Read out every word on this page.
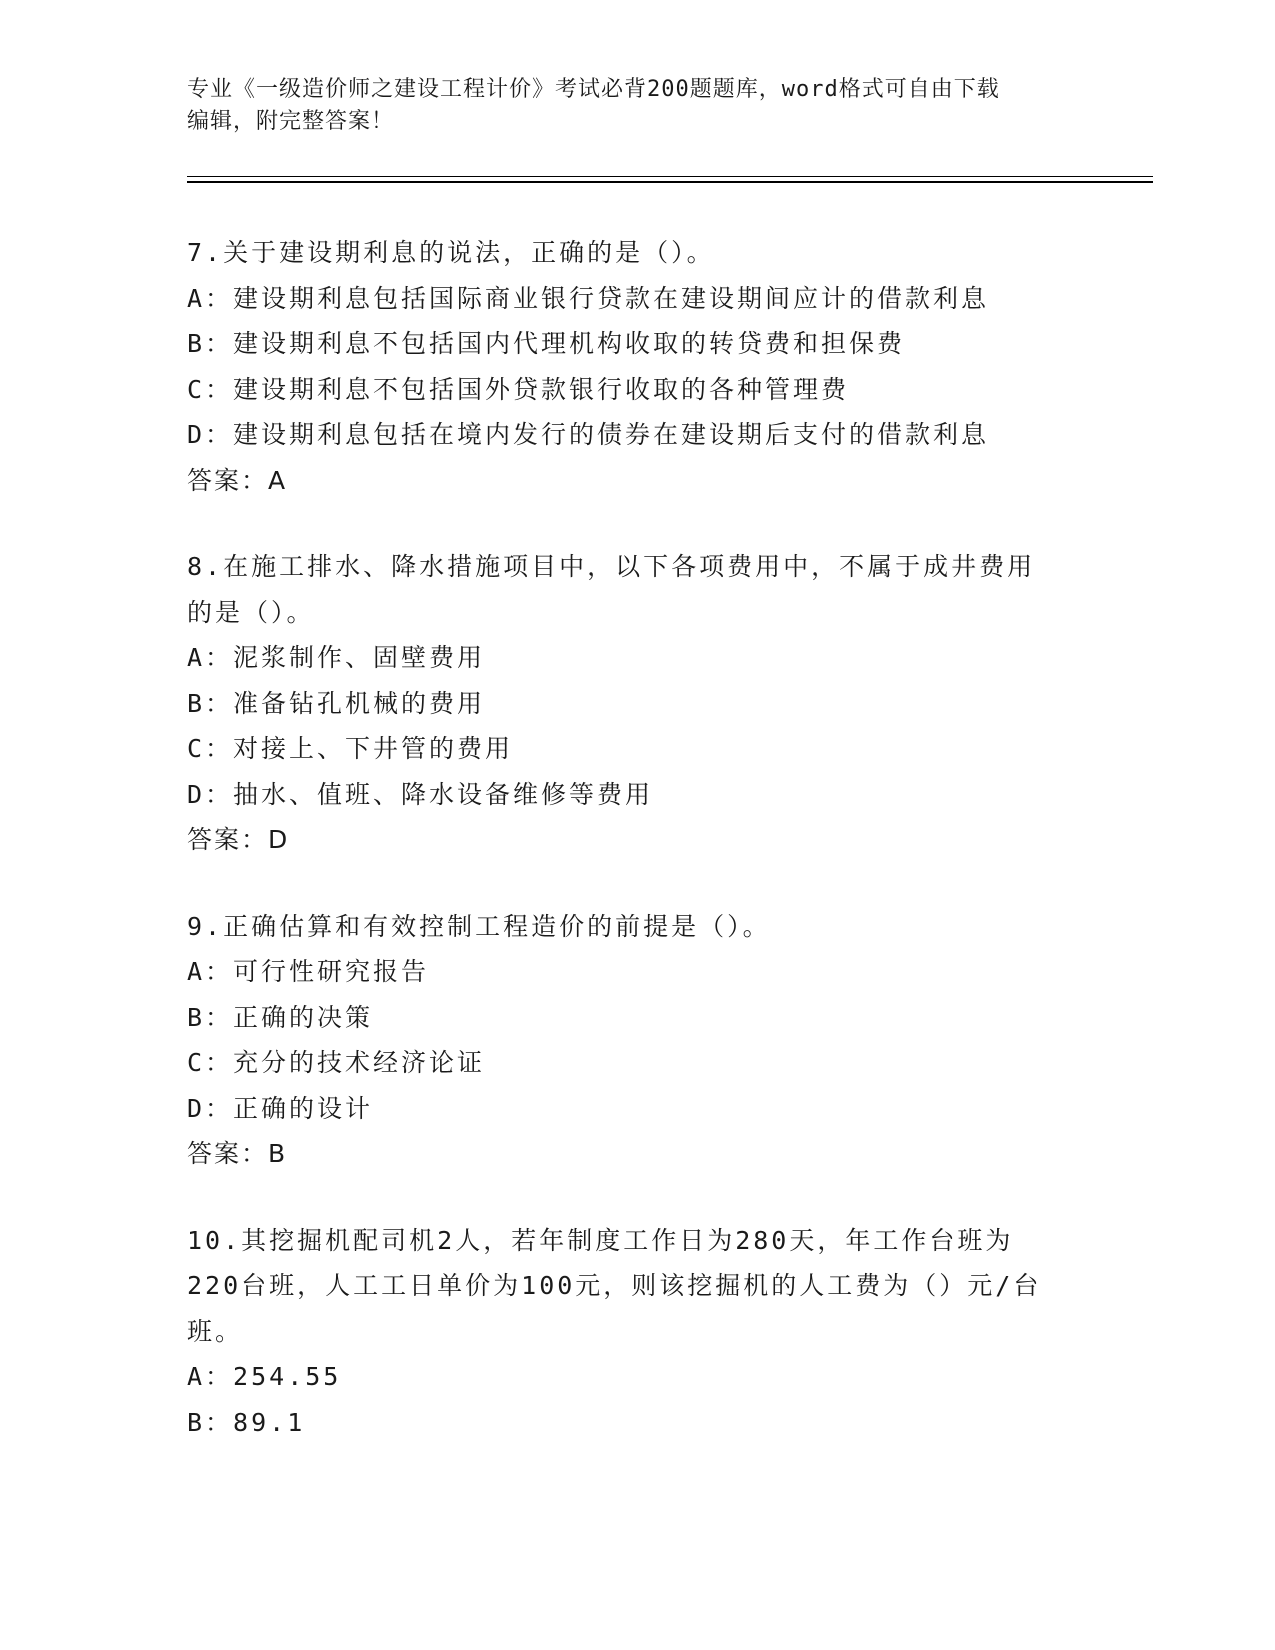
专业《一级造价师之建设工程计价》考试必背200题题库，word格式可自由下载
编辑，附完整答案！
7.关于建设期利息的说法，正确的是（）。
A：建设期利息包括国际商业银行贷款在建设期间应计的借款利息
B：建设期利息不包括国内代理机构收取的转贷费和担保费
C：建设期利息不包括国外贷款银行收取的各种管理费
D：建设期利息包括在境内发行的债券在建设期后支付的借款利息
答案：A
8.在施工排水、降水措施项目中，以下各项费用中，不属于成井费用
的是（）。
A：泥浆制作、固壁费用
B：准备钻孔机械的费用
C：对接上、下井管的费用
D：抽水、值班、降水设备维修等费用
答案：D
9.正确估算和有效控制工程造价的前提是（）。
A：可行性研究报告
B：正确的决策
C：充分的技术经济论证
D：正确的设计
答案：B
10.其挖掘机配司机2人，若年制度工作日为280天，年工作台班为
220台班，人工工日单价为100元，则该挖掘机的人工费为（）元/台
班。
A：254.55
B：89.1
